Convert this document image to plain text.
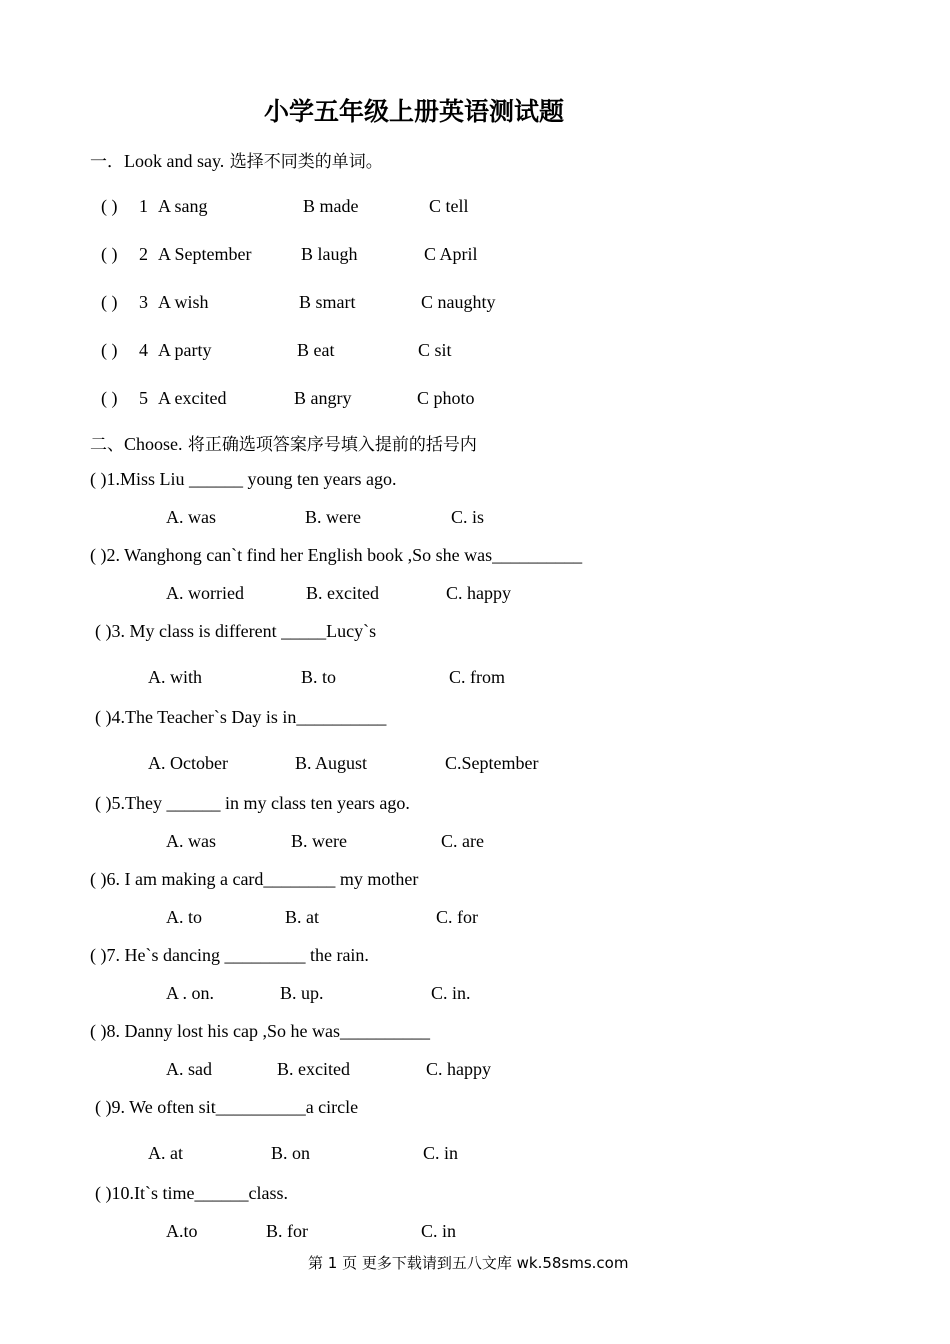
小学五年级上册英语测试题
一．Look and say. 选择不同类的单词。
( ) 1 A sang	B made	C tell
( ) 2 A September	B laugh	C April
( ) 3 A wish	B smart	C naughty
( ) 4 A party	B eat	C sit
( ) 5 A excited	B angry	C photo
二、Choose. 将正确选项答案序号填入提前的括号内
( )1.Miss Liu ______ young ten years ago.
A. was	B. were	C. is
( )2. Wanghong can`t find her English book ,So she was__________
A. worried	B. excited	C. happy
( )3. My class is different _____Lucy`s
A. with	B. to	C. from
( )4.The Teacher`s Day is in__________
A. October	B. August	C.September
( )5.They ______ in my class ten years ago.
A. was	B. were	C. are
( )6. I am making a card________ my mother
A. to	B. at	C. for
( )7. He`s dancing _________ the rain.
A . on.	B. up.	C. in.
( )8. Danny lost his cap ,So he was__________
A. sad	B. excited	C. happy
( )9. We often sit__________a circle
A. at	B. on	C. in
( )10.It`s time______class.
A.to	B. for	C. in
第 1 页 更多下载请到五八文库 wk.58sms.com
